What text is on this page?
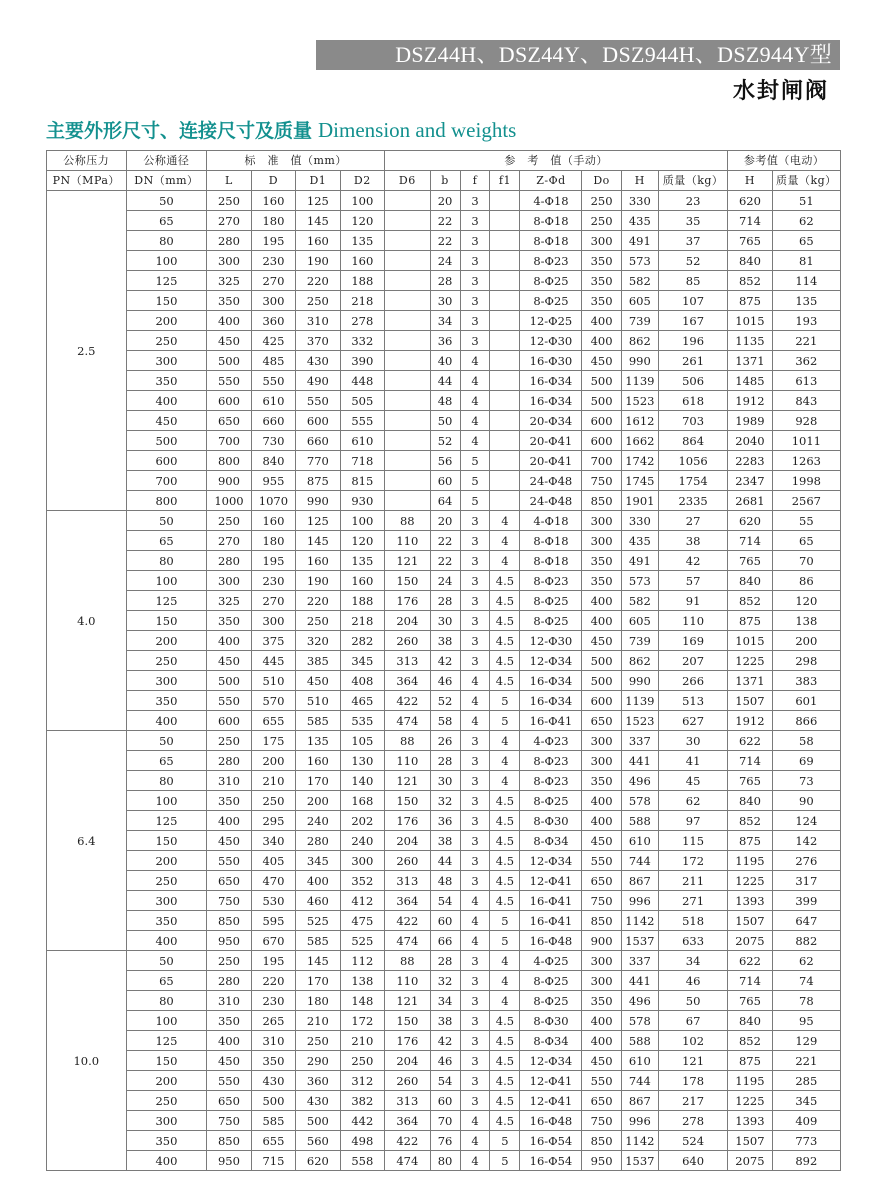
DSZ44H、DSZ44Y、DSZ944H、DSZ944Y型
水封闸阀
主要外形尺寸、连接尺寸及质量 Dimension and weights
公称压力	公称通径	标　准　值（mm）				参　考　值（手动）								参考值（电动）	
PN（MPa）	DN（mm）	L	D	D1	D2	D6	b	f	f1	Z-Φd	Do	H	质量（kg）	H	质量（kg）
2.5	50	250	160	125	100		20	3		4-Φ18	250	330	23	620	51
	65	270	180	145	120		22	3		8-Φ18	250	435	35	714	62
	80	280	195	160	135		22	3		8-Φ18	300	491	37	765	65
	100	300	230	190	160		24	3		8-Φ23	350	573	52	840	81
	125	325	270	220	188		28	3		8-Φ25	350	582	85	852	114
	150	350	300	250	218		30	3		8-Φ25	350	605	107	875	135
	200	400	360	310	278		34	3		12-Φ25	400	739	167	1015	193
	250	450	425	370	332		36	3		12-Φ30	400	862	196	1135	221
	300	500	485	430	390		40	4		16-Φ30	450	990	261	1371	362
	350	550	550	490	448		44	4		16-Φ34	500	1139	506	1485	613
	400	600	610	550	505		48	4		16-Φ34	500	1523	618	1912	843
	450	650	660	600	555		50	4		20-Φ34	600	1612	703	1989	928
	500	700	730	660	610		52	4		20-Φ41	600	1662	864	2040	1011
	600	800	840	770	718		56	5		20-Φ41	700	1742	1056	2283	1263
	700	900	955	875	815		60	5		24-Φ48	750	1745	1754	2347	1998
	800	1000	1070	990	930		64	5		24-Φ48	850	1901	2335	2681	2567
4.0	50	250	160	125	100	88	20	3	4	4-Φ18	300	330	27	620	55
	65	270	180	145	120	110	22	3	4	8-Φ18	300	435	38	714	65
	80	280	195	160	135	121	22	3	4	8-Φ18	350	491	42	765	70
	100	300	230	190	160	150	24	3	4.5	8-Φ23	350	573	57	840	86
	125	325	270	220	188	176	28	3	4.5	8-Φ25	400	582	91	852	120
	150	350	300	250	218	204	30	3	4.5	8-Φ25	400	605	110	875	138
	200	400	375	320	282	260	38	3	4.5	12-Φ30	450	739	169	1015	200
	250	450	445	385	345	313	42	3	4.5	12-Φ34	500	862	207	1225	298
	300	500	510	450	408	364	46	4	4.5	16-Φ34	500	990	266	1371	383
	350	550	570	510	465	422	52	4	5	16-Φ34	600	1139	513	1507	601
	400	600	655	585	535	474	58	4	5	16-Φ41	650	1523	627	1912	866
6.4	50	250	175	135	105	88	26	3	4	4-Φ23	300	337	30	622	58
	65	280	200	160	130	110	28	3	4	8-Φ23	300	441	41	714	69
	80	310	210	170	140	121	30	3	4	8-Φ23	350	496	45	765	73
	100	350	250	200	168	150	32	3	4.5	8-Φ25	400	578	62	840	90
	125	400	295	240	202	176	36	3	4.5	8-Φ30	400	588	97	852	124
	150	450	340	280	240	204	38	3	4.5	8-Φ34	450	610	115	875	142
	200	550	405	345	300	260	44	3	4.5	12-Φ34	550	744	172	1195	276
	250	650	470	400	352	313	48	3	4.5	12-Φ41	650	867	211	1225	317
	300	750	530	460	412	364	54	4	4.5	16-Φ41	750	996	271	1393	399
	350	850	595	525	475	422	60	4	5	16-Φ41	850	1142	518	1507	647
	400	950	670	585	525	474	66	4	5	16-Φ48	900	1537	633	2075	882
10.0	50	250	195	145	112	88	28	3	4	4-Φ25	300	337	34	622	62
	65	280	220	170	138	110	32	3	4	8-Φ25	300	441	46	714	74
	80	310	230	180	148	121	34	3	4	8-Φ25	350	496	50	765	78
	100	350	265	210	172	150	38	3	4.5	8-Φ30	400	578	67	840	95
	125	400	310	250	210	176	42	3	4.5	8-Φ34	400	588	102	852	129
	150	450	350	290	250	204	46	3	4.5	12-Φ34	450	610	121	875	221
	200	550	430	360	312	260	54	3	4.5	12-Φ41	550	744	178	1195	285
	250	650	500	430	382	313	60	3	4.5	12-Φ41	650	867	217	1225	345
	300	750	585	500	442	364	70	4	4.5	16-Φ48	750	996	278	1393	409
	350	850	655	560	498	422	76	4	5	16-Φ54	850	1142	524	1507	773
	400	950	715	620	558	474	80	4	5	16-Φ54	950	1537	640	2075	892
